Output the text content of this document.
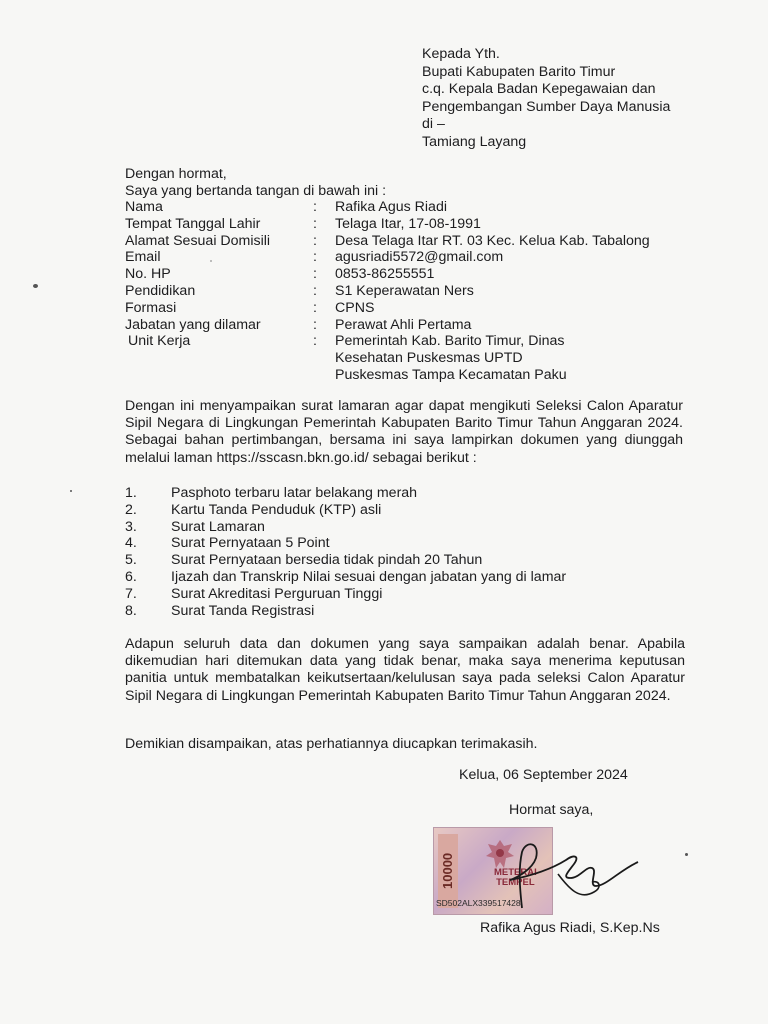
Kepada Yth.
Bupati Kabupaten Barito Timur
c.q. Kepala Badan Kepegawaian dan
Pengembangan Sumber Daya Manusia
di –
Tamiang Layang
Dengan hormat,
Saya yang bertanda tangan di bawah ini :
Nama	:	Rafika Agus Riadi
Tempat Tanggal Lahir	:	Telaga Itar, 17-08-1991
Alamat Sesuai Domisili	:	Desa Telaga Itar RT. 03 Kec. Kelua Kab. Tabalong
Email	:	agusriadi5572@gmail.com
No. HP	:	0853-86255551
Pendidikan	:	S1 Keperawatan Ners
Formasi	:	CPNS
Jabatan yang dilamar	:	Perawat Ahli Pertama
Unit Kerja	:	Pemerintah Kab. Barito Timur, Dinas
Kesehatan Puskesmas UPTD
Puskesmas Tampa Kecamatan Paku
Dengan ini menyampaikan surat lamaran agar dapat mengikuti Seleksi Calon Aparatur Sipil Negara di Lingkungan Pemerintah Kabupaten Barito Timur Tahun Anggaran 2024. Sebagai bahan pertimbangan, bersama ini saya lampirkan dokumen yang diunggah melalui laman https://sscasn.bkn.go.id/ sebagai berikut :
1.	Pasphoto terbaru latar belakang merah
2.	Kartu Tanda Penduduk (KTP) asli
3.	Surat Lamaran
4.	Surat Pernyataan 5 Point
5.	Surat Pernyataan bersedia tidak pindah 20 Tahun
6.	Ijazah dan Transkrip Nilai sesuai dengan jabatan yang di lamar
7.	Surat Akreditasi Perguruan Tinggi
8.	Surat Tanda Registrasi
Adapun seluruh data dan dokumen yang saya sampaikan adalah benar. Apabila dikemudian hari ditemukan data yang tidak benar, maka saya menerima keputusan panitia untuk membatalkan keikutsertaan/kelulusan saya pada seleksi Calon Aparatur Sipil Negara di Lingkungan Pemerintah Kabupaten Barito Timur Tahun Anggaran 2024.
Demikian disampaikan, atas perhatiannya diucapkan terimakasih.
Kelua, 06 September 2024
Hormat saya,
10000	METERAI
TEMPEL
SD502ALX339517428
Rafika Agus Riadi, S.Kep.Ns
